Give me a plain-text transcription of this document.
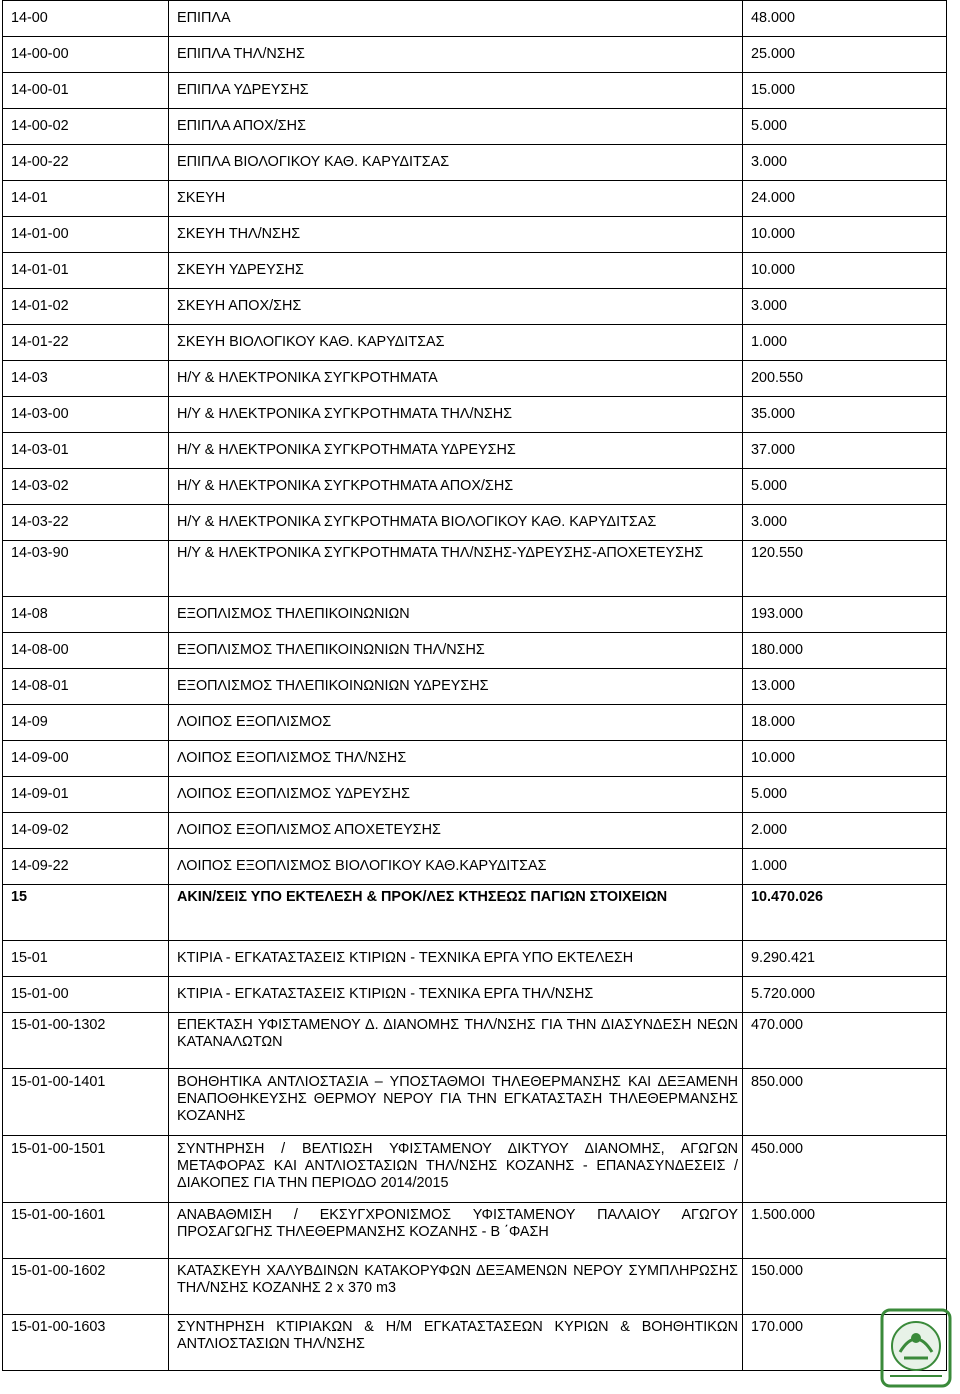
14-00	ΕΠΙΠΛΑ	48.000
14-00-00	ΕΠΙΠΛΑ ΤΗΛ/ΝΣΗΣ	25.000
14-00-01	ΕΠΙΠΛΑ ΥΔΡΕΥΣΗΣ	15.000
14-00-02	ΕΠΙΠΛΑ ΑΠΟΧ/ΣΗΣ	5.000
14-00-22	ΕΠΙΠΛΑ ΒΙΟΛΟΓΙΚΟΥ ΚΑΘ. ΚΑΡΥΔΙΤΣΑΣ	3.000
14-01	ΣΚΕΥΗ	24.000
14-01-00	ΣΚΕΥΗ ΤΗΛ/ΝΣΗΣ	10.000
14-01-01	ΣΚΕΥΗ ΥΔΡΕΥΣΗΣ	10.000
14-01-02	ΣΚΕΥΗ ΑΠΟΧ/ΣΗΣ	3.000
14-01-22	ΣΚΕΥΗ ΒΙΟΛΟΓΙΚΟΥ ΚΑΘ. ΚΑΡΥΔΙΤΣΑΣ	1.000
14-03	Η/Υ & ΗΛΕΚΤΡΟΝΙΚΑ ΣΥΓΚΡΟΤΗΜΑΤΑ	200.550
14-03-00	Η/Υ & ΗΛΕΚΤΡΟΝΙΚΑ ΣΥΓΚΡΟΤΗΜΑΤΑ ΤΗΛ/ΝΣΗΣ	35.000
14-03-01	Η/Υ & ΗΛΕΚΤΡΟΝΙΚΑ ΣΥΓΚΡΟΤΗΜΑΤΑ ΥΔΡΕΥΣΗΣ	37.000
14-03-02	Η/Υ & ΗΛΕΚΤΡΟΝΙΚΑ ΣΥΓΚΡΟΤΗΜΑΤΑ ΑΠΟΧ/ΣΗΣ	5.000
14-03-22	Η/Υ & ΗΛΕΚΤΡΟΝΙΚΑ ΣΥΓΚΡΟΤΗΜΑΤΑ ΒΙΟΛΟΓΙΚΟΥ ΚΑΘ. ΚΑΡΥΔΙΤΣΑΣ	3.000
14-03-90	Η/Υ & ΗΛΕΚΤΡΟΝΙΚΑ ΣΥΓΚΡΟΤΗΜΑΤΑ ΤΗΛ/ΝΣΗΣ-ΥΔΡΕΥΣΗΣ-ΑΠΟΧΕΤΕΥΣΗΣ	120.550
14-08	ΕΞΟΠΛΙΣΜΟΣ ΤΗΛΕΠΙΚΟΙΝΩΝΙΩΝ	193.000
14-08-00	ΕΞΟΠΛΙΣΜΟΣ ΤΗΛΕΠΙΚΟΙΝΩΝΙΩΝ ΤΗΛ/ΝΣΗΣ	180.000
14-08-01	ΕΞΟΠΛΙΣΜΟΣ ΤΗΛΕΠΙΚΟΙΝΩΝΙΩΝ ΥΔΡΕΥΣΗΣ	13.000
14-09	ΛΟΙΠΟΣ ΕΞΟΠΛΙΣΜΟΣ	18.000
14-09-00	ΛΟΙΠΟΣ ΕΞΟΠΛΙΣΜΟΣ ΤΗΛ/ΝΣΗΣ	10.000
14-09-01	ΛΟΙΠΟΣ ΕΞΟΠΛΙΣΜΟΣ ΥΔΡΕΥΣΗΣ	5.000
14-09-02	ΛΟΙΠΟΣ ΕΞΟΠΛΙΣΜΟΣ ΑΠΟΧΕΤΕΥΣΗΣ	2.000
14-09-22	ΛΟΙΠΟΣ ΕΞΟΠΛΙΣΜΟΣ ΒΙΟΛΟΓΙΚΟΥ ΚΑΘ.ΚΑΡΥΔΙΤΣΑΣ	1.000
15	ΑΚΙΝ/ΣΕΙΣ ΥΠΟ ΕΚΤΕΛΕΣΗ & ΠΡΟΚ/ΛΕΣ ΚΤΗΣΕΩΣ ΠΑΓΙΩΝ ΣΤΟΙΧΕΙΩΝ	10.470.026
15-01	ΚΤΙΡΙΑ - ΕΓΚΑΤΑΣΤΑΣΕΙΣ ΚΤΙΡΙΩΝ - ΤΕΧΝΙΚΑ ΕΡΓΑ ΥΠΟ ΕΚΤΕΛΕΣΗ	9.290.421
15-01-00	ΚΤΙΡΙΑ - ΕΓΚΑΤΑΣΤΑΣΕΙΣ ΚΤΙΡΙΩΝ - ΤΕΧΝΙΚΑ ΕΡΓΑ ΤΗΛ/ΝΣΗΣ	5.720.000
15-01-00-1302	ΕΠΕΚΤΑΣΗ ΥΦΙΣΤΑΜΕΝΟΥ Δ. ΔΙΑΝΟΜΗΣ ΤΗΛ/ΝΣΗΣ ΓΙΑ ΤΗΝ ΔΙΑΣΥΝΔΕΣΗ ΝΕΩΝ ΚΑΤΑΝΑΛΩΤΩΝ	470.000
15-01-00-1401	ΒΟΗΘΗΤΙΚΑ ΑΝΤΛΙΟΣΤΑΣΙΑ – ΥΠΟΣΤΑΘΜΟΙ ΤΗΛΕΘΕΡΜΑΝΣΗΣ ΚΑΙ ΔΕΞΑΜΕΝΗ ΕΝΑΠΟΘΗΚΕΥΣΗΣ ΘΕΡΜΟΥ ΝΕΡΟΥ ΓΙΑ ΤΗΝ ΕΓΚΑΤΑΣΤΑΣΗ ΤΗΛΕΘΕΡΜΑΝΣΗΣ ΚΟΖΑΝΗΣ	850.000
15-01-00-1501	ΣΥΝΤΗΡΗΣΗ / ΒΕΛΤΙΩΣΗ ΥΦΙΣΤΑΜΕΝΟΥ ΔΙΚΤΥΟΥ ΔΙΑΝΟΜΗΣ, ΑΓΩΓΩΝ ΜΕΤΑΦΟΡΑΣ ΚΑΙ ΑΝΤΛΙΟΣΤΑΣΙΩΝ ΤΗΛ/ΝΣΗΣ ΚΟΖΑΝΗΣ - ΕΠΑΝΑΣΥΝΔΕΣΕΙΣ / ΔΙΑΚΟΠΕΣ ΓΙΑ ΤΗΝ ΠΕΡΙΟΔΟ 2014/2015	450.000
15-01-00-1601	ΑΝΑΒΑΘΜΙΣΗ / ΕΚΣΥΓΧΡΟΝΙΣΜΟΣ ΥΦΙΣΤΑΜΕΝΟΥ ΠΑΛΑΙΟΥ ΑΓΩΓΟΥ ΠΡΟΣΑΓΩΓΗΣ ΤΗΛΕΘΕΡΜΑΝΣΗΣ ΚΟΖΑΝΗΣ - Β ΄ΦΑΣΗ	1.500.000
15-01-00-1602	ΚΑΤΑΣΚΕΥΗ ΧΑΛΥΒΔΙΝΩΝ ΚΑΤΑΚΟΡΥΦΩΝ ΔΕΞΑΜΕΝΩΝ ΝΕΡΟΥ ΣΥΜΠΛΗΡΩΣΗΣ ΤΗΛ/ΝΣΗΣ ΚΟΖΑΝΗΣ 2 x 370 m3	150.000
15-01-00-1603	ΣΥΝΤΗΡΗΣΗ ΚΤΙΡΙΑΚΩΝ & Η/Μ ΕΓΚΑΤΑΣΤΑΣΕΩΝ ΚΥΡΙΩΝ & ΒΟΗΘΗΤΙΚΩΝ ΑΝΤΛΙΟΣΤΑΣΙΩΝ ΤΗΛ/ΝΣΗΣ	170.000
